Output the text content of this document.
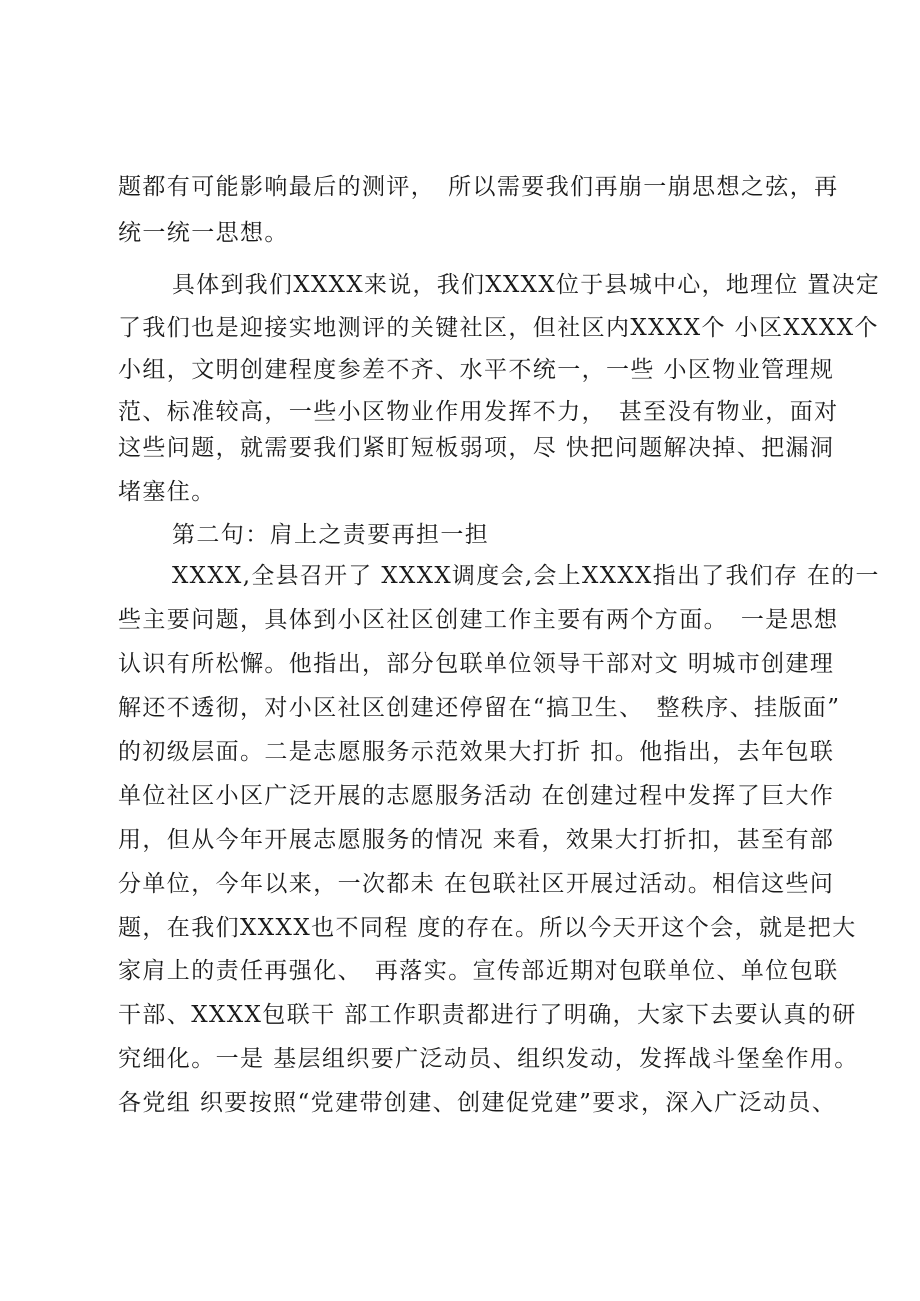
题都有可能影响最后的测评，　所以需要我们再崩一崩思想之弦，再
统一统一思想。
具体到我们XXXX来说，我们XXXX位于县城中心，地理位 置决定
了我们也是迎接实地测评的关键社区，但社区内XXXX个 小区XXXX个
小组，文明创建程度参差不齐、水平不统一，一些 小区物业管理规
范、标准较高，一些小区物业作用发挥不力，　甚至没有物业，面对
这些问题，就需要我们紧盯短板弱项，尽 快把问题解决掉、把漏洞
堵塞住。
第二句：肩上之责要再担一担
XXXX,全县召开了 XXXX调度会,会上XXXX指出了我们存 在的一
些主要问题，具体到小区社区创建工作主要有两个方面。　一是思想
认识有所松懈。他指出，部分包联单位领导干部对文 明城市创建理
解还不透彻，对小区社区创建还停留在“搞卫生、　整秩序、挂版面”
的初级层面。二是志愿服务示范效果大打折 扣。他指出，去年包联
单位社区小区广泛开展的志愿服务活动 在创建过程中发挥了巨大作
用，但从今年开展志愿服务的情况 来看，效果大打折扣，甚至有部
分单位，今年以来，一次都未 在包联社区开展过活动。相信这些问
题，在我们XXXX也不同程 度的存在。所以今天开这个会，就是把大
家肩上的责任再强化、　再落实。宣传部近期对包联单位、单位包联
干部、XXXX包联干 部工作职责都进行了明确，大家下去要认真的研
究细化。一是 基层组织要广泛动员、组织发动，发挥战斗堡垒作用。
各党组 织要按照“党建带创建、创建促党建”要求，深入广泛动员、
